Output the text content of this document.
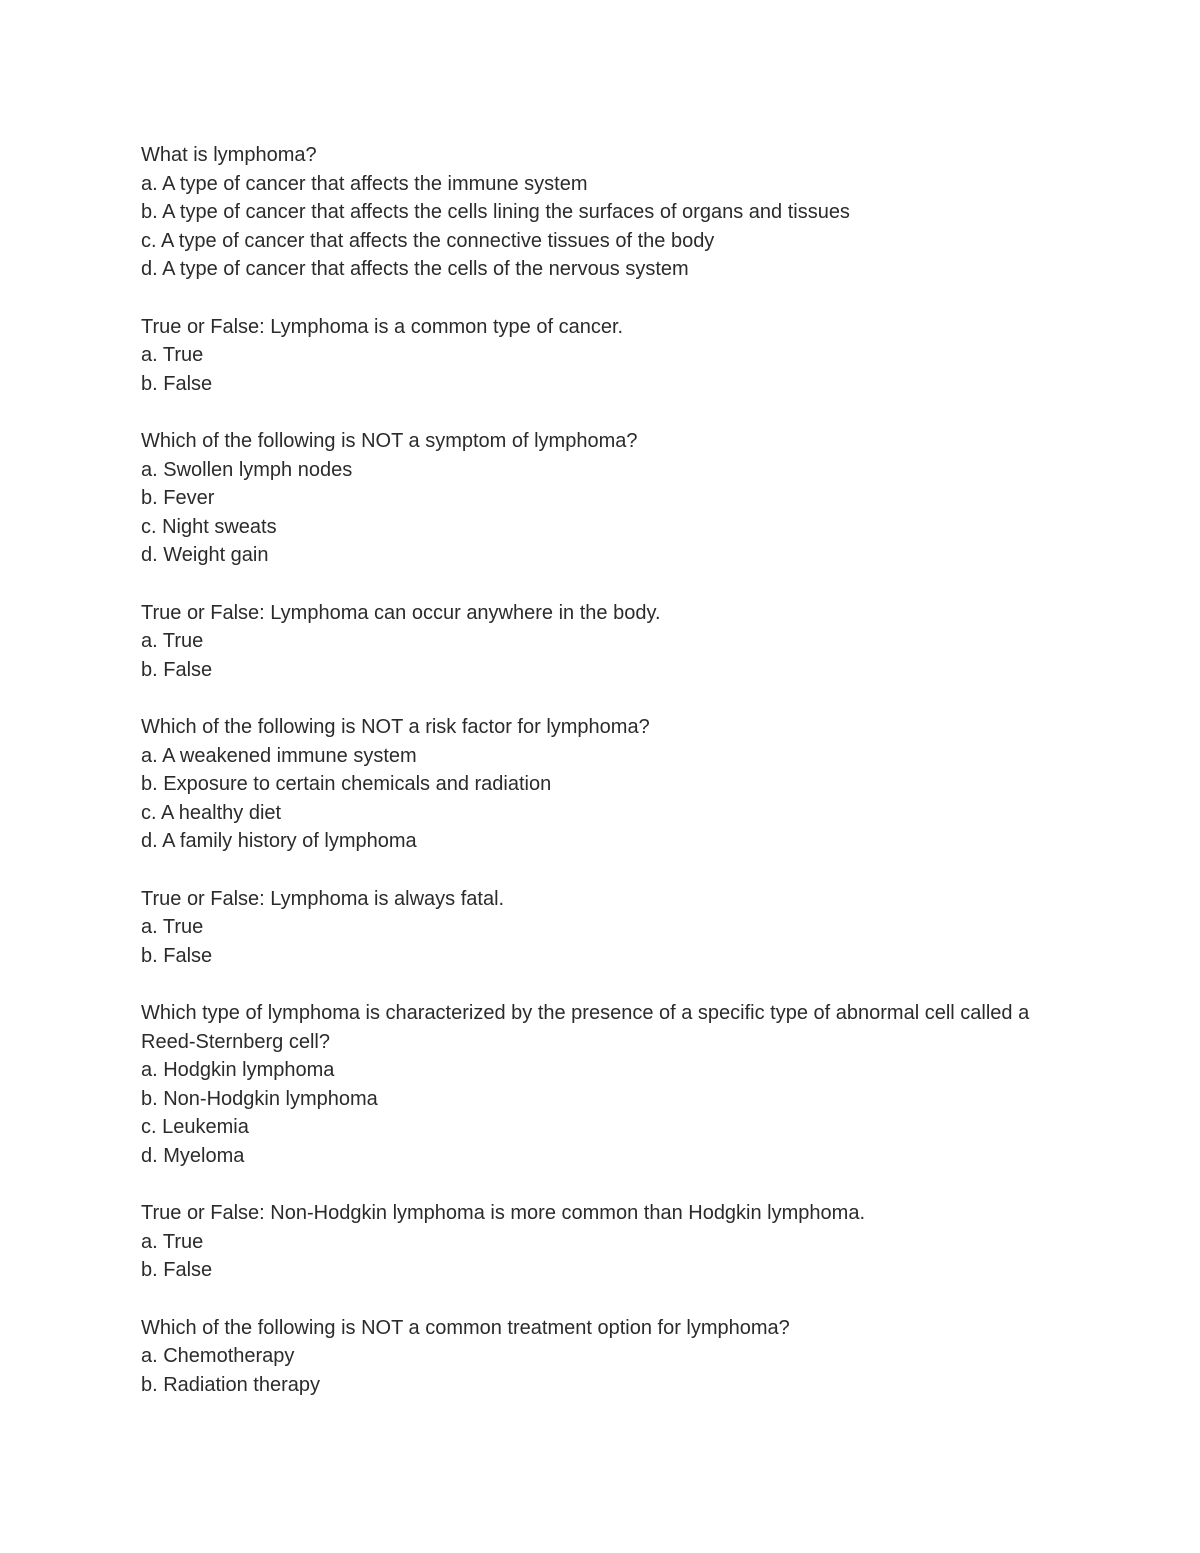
What is lymphoma?
a. A type of cancer that affects the immune system
b. A type of cancer that affects the cells lining the surfaces of organs and tissues
c. A type of cancer that affects the connective tissues of the body
d. A type of cancer that affects the cells of the nervous system
True or False: Lymphoma is a common type of cancer.
a. True
b. False
Which of the following is NOT a symptom of lymphoma?
a. Swollen lymph nodes
b. Fever
c. Night sweats
d. Weight gain
True or False: Lymphoma can occur anywhere in the body.
a. True
b. False
Which of the following is NOT a risk factor for lymphoma?
a. A weakened immune system
b. Exposure to certain chemicals and radiation
c. A healthy diet
d. A family history of lymphoma
True or False: Lymphoma is always fatal.
a. True
b. False
Which type of lymphoma is characterized by the presence of a specific type of abnormal cell called a Reed-Sternberg cell?
a. Hodgkin lymphoma
b. Non-Hodgkin lymphoma
c. Leukemia
d. Myeloma
True or False: Non-Hodgkin lymphoma is more common than Hodgkin lymphoma.
a. True
b. False
Which of the following is NOT a common treatment option for lymphoma?
a. Chemotherapy
b. Radiation therapy
